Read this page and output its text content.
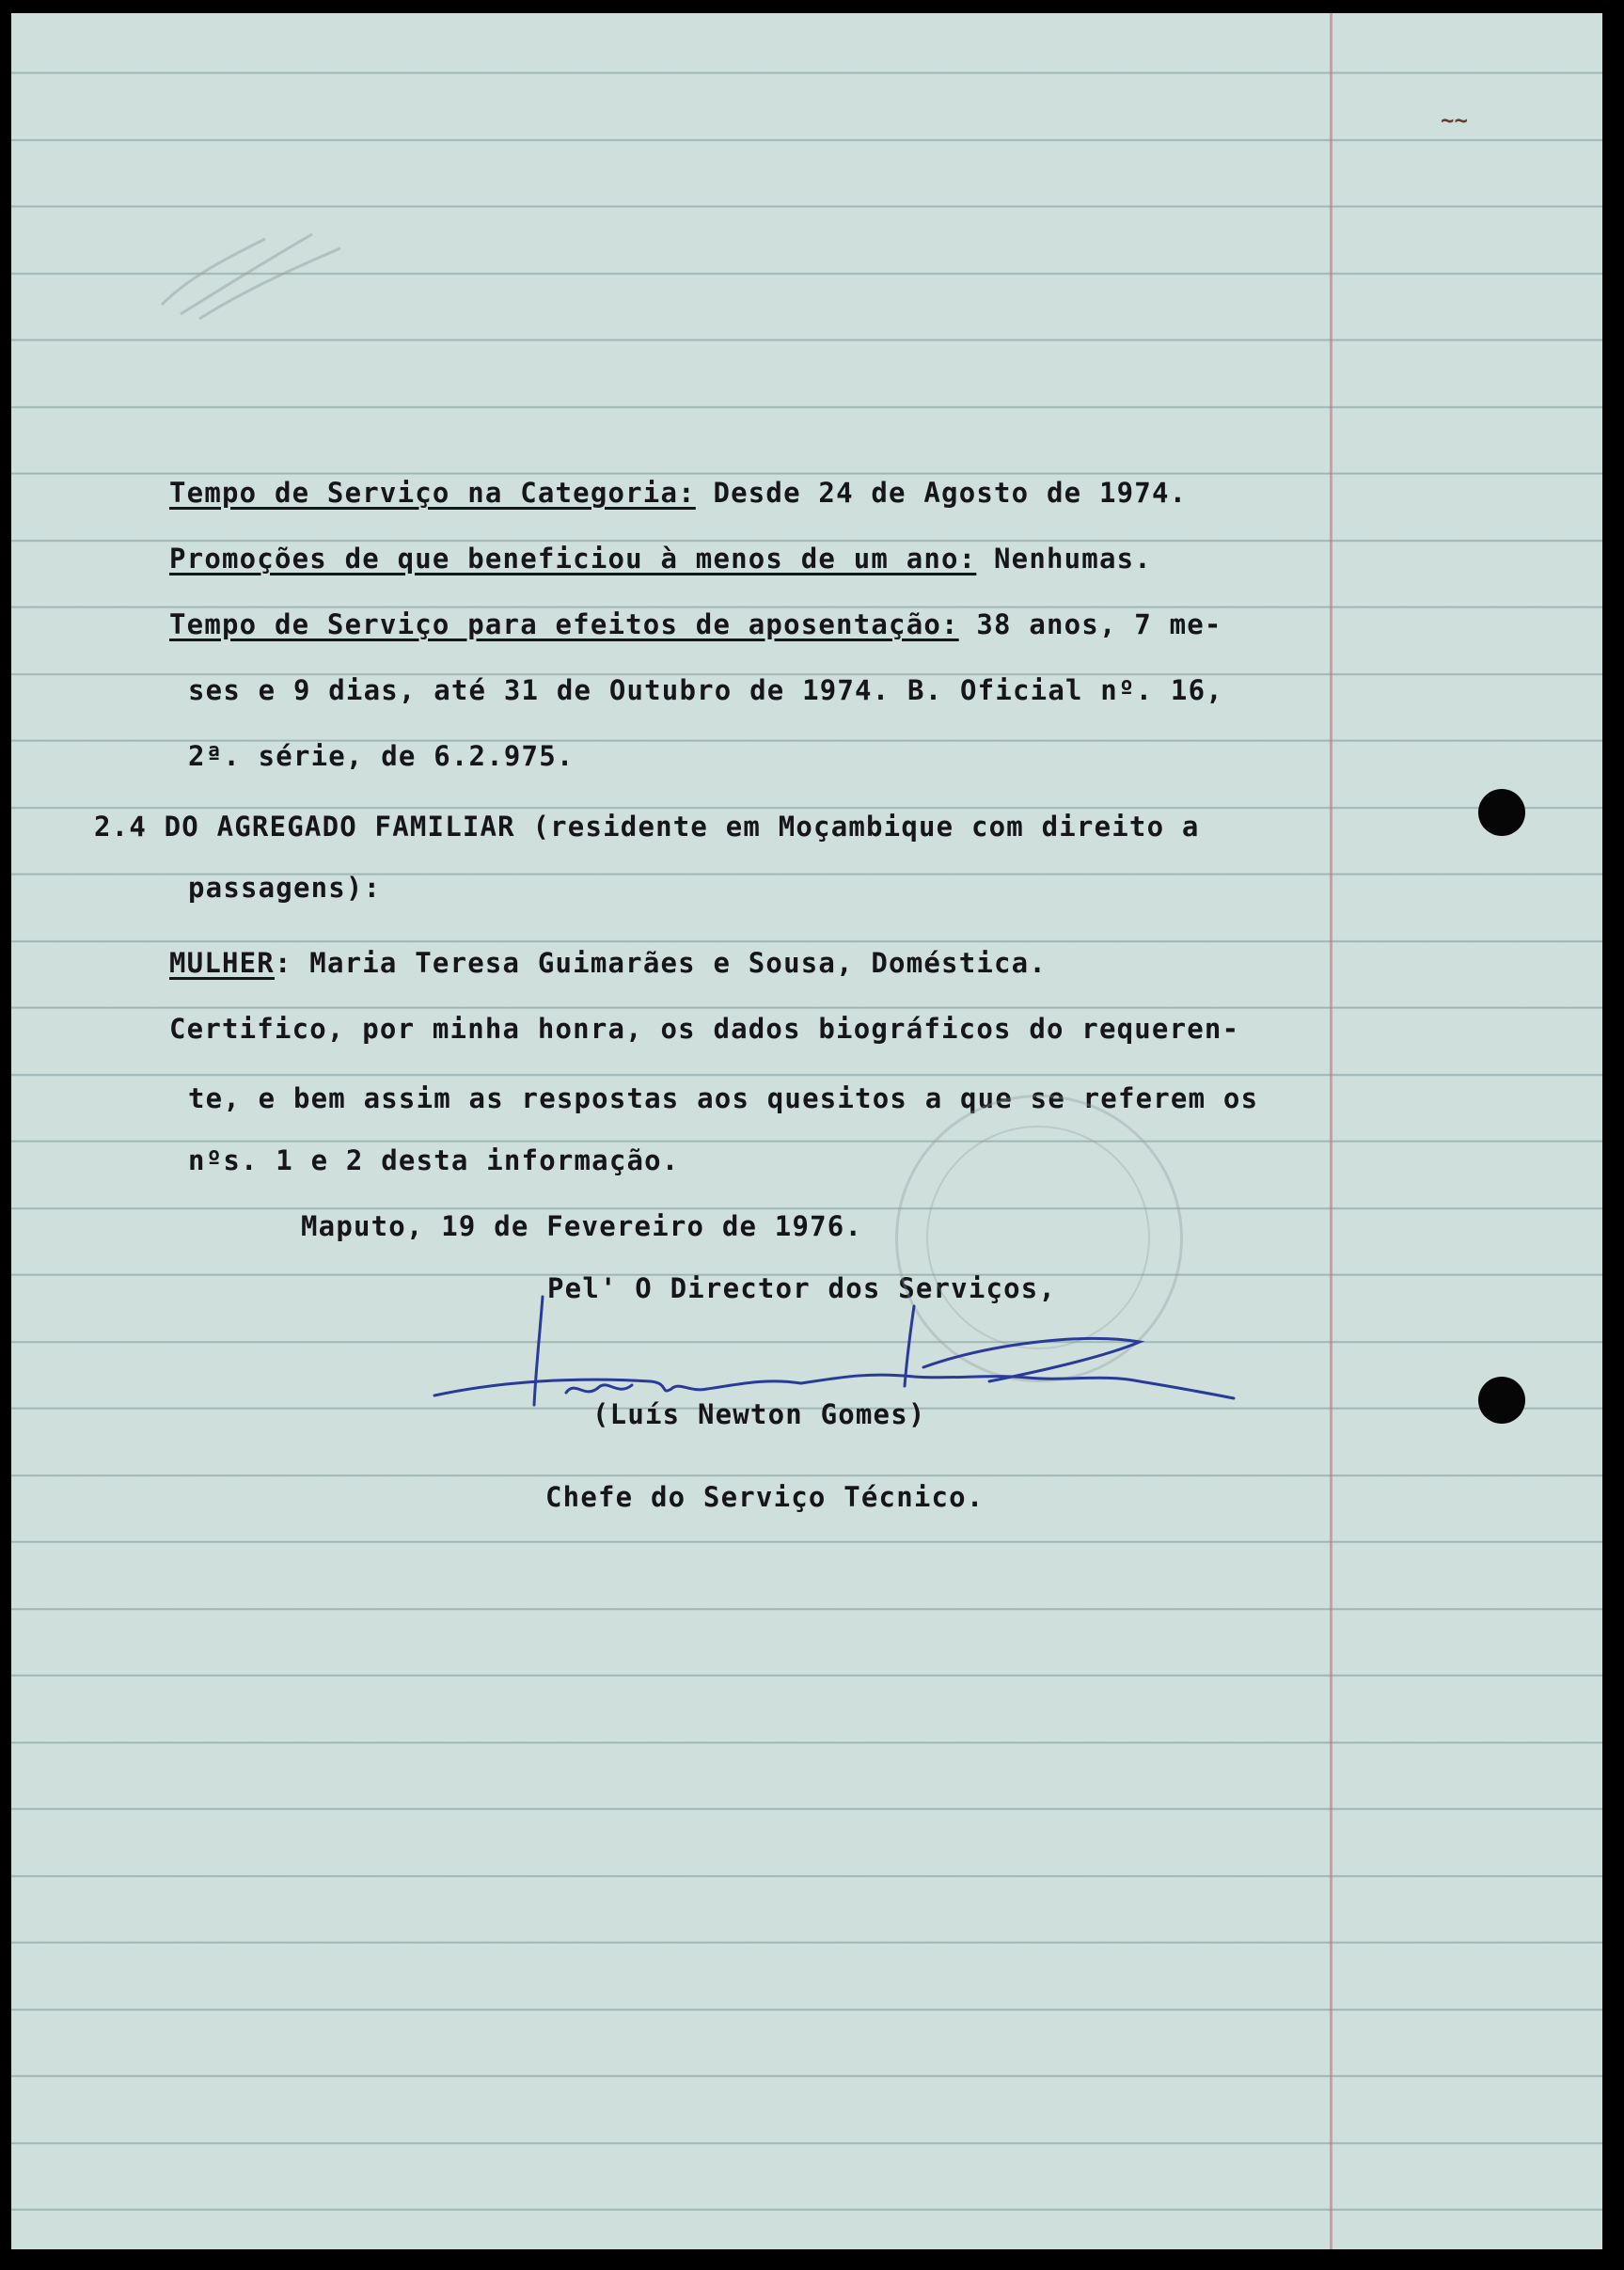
~~
Tempo de Serviço na Categoria: Desde 24 de Agosto de 1974.
Promoções de que beneficiou à menos de um ano: Nenhumas.
Tempo de Serviço para efeitos de aposentação: 38 anos, 7 me-
ses e 9 dias, até 31 de Outubro de 1974. B. Oficial nº. 16,
2ª. série, de 6.2.975.
2.4 DO AGREGADO FAMILIAR (residente em Moçambique com direito a
passagens):
MULHER: Maria Teresa Guimarães e Sousa, Doméstica.
Certifico, por minha honra, os dados biográficos do requeren-
te, e bem assim as respostas aos quesitos a que se referem os
nºs. 1 e 2 desta informação.
Maputo, 19 de Fevereiro de 1976.
Pel' O Director dos Serviços,
(Luís Newton Gomes)
Chefe do Serviço Técnico.
